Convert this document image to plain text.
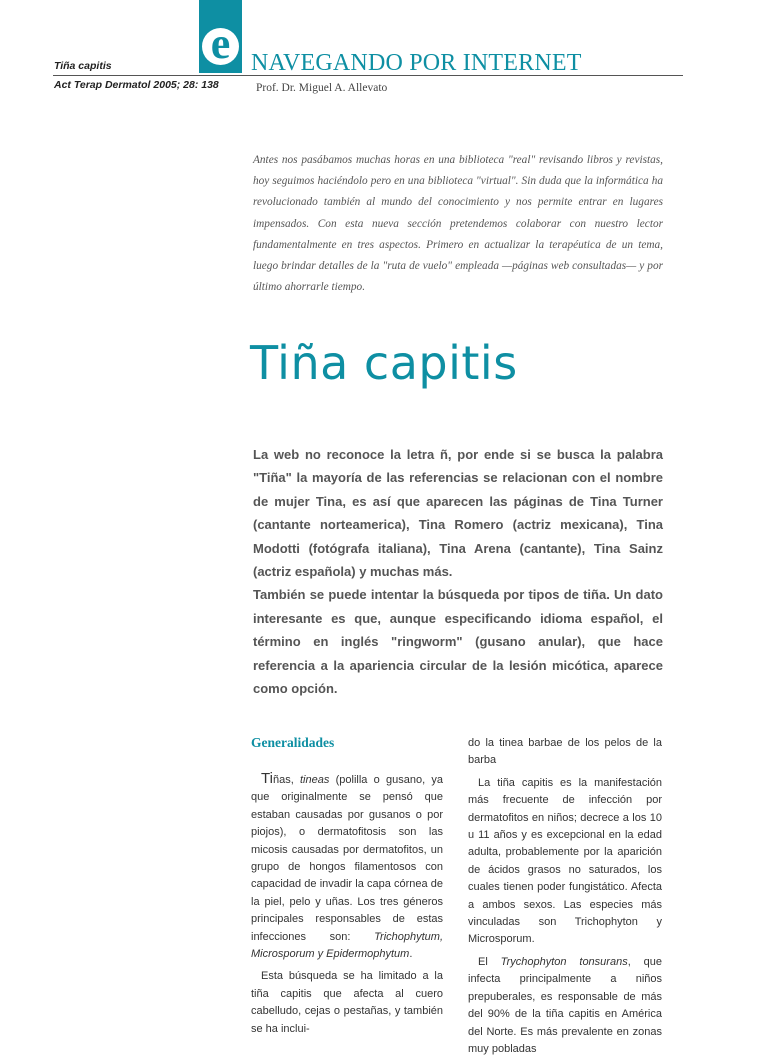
e
Tiña capitis
Act Terap Dermatol 2005; 28: 138
NAVEGANDO POR INTERNET
Prof. Dr. Miguel A. Allevato
Antes nos pasábamos muchas horas en una biblioteca "real" revisando libros y revistas, hoy seguimos haciéndolo pero en una biblioteca "virtual". Sin duda que la informática ha revolucionado también al mundo del conocimiento y nos permite entrar en lugares impensados. Con esta nueva sección pretendemos colaborar con nuestro lector fundamentalmente en tres aspectos. Primero en actualizar la terapéutica de un tema, luego brindar detalles de la "ruta de vuelo" empleada —páginas web consultadas— y por último ahorrarle tiempo.
Tiña capitis

La web no reconoce la letra ñ, por ende si se busca la palabra "Tiña" la mayoría de las referencias se relacionan con el nombre de mujer Tina, es así que aparecen las páginas de Tina Turner (cantante norteamerica), Tina Romero (actriz mexicana), Tina Modotti (fotógrafa italiana), Tina Arena (cantante), Tina Sainz (actriz española) y muchas más.

También se puede intentar la búsqueda por tipos de tiña. Un dato interesante es que, aunque especificando idioma español, el término en inglés "ringworm" (gusano anular), que hace referencia a la apariencia circular de la lesión micótica, aparece como opción.

Generalidades

Tiñas, tineas (polilla o gusano, ya que originalmente se pensó que estaban causadas por gusanos o por piojos), o dermatofitosis son las micosis causadas por dermatofitos, un grupo de hongos filamentosos con capacidad de invadir la capa córnea de la piel, pelo y uñas. Los tres géneros principales responsables de estas infecciones son: Trichophytum, Microsporum y Epidermophytum.

Esta búsqueda se ha limitado a la tiña capitis que afecta al cuero cabelludo, cejas o pestañas, y también se ha inclui-

do la tinea barbae de los pelos de la barba

La tiña capitis es la manifestación más frecuente de infección por dermatofitos en niños; decrece a los 10 u 11 años y es excepcional en la edad adulta, probablemente por la aparición de ácidos grasos no saturados, los cuales tienen poder fungistático. Afecta a ambos sexos. Las especies más vinculadas son Trichophyton y Microsporum.

El Trychophyton tonsurans, que infecta principalmente a niños prepuberales, es responsable de más del 90% de la tiña capitis en América del Norte. Es más prevalente en zonas muy pobladas
